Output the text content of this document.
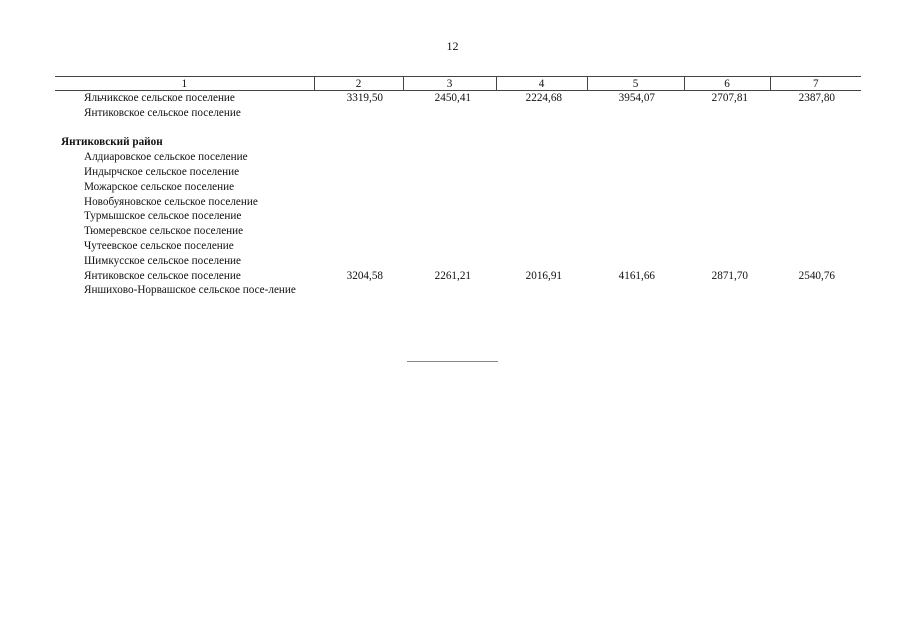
12
1	2	3	4	5	6	7
Яльчикское сельское поселение	3319,50	2450,41	2224,68	3954,07	2707,81	2387,80
Янтиковское сельское поселение						

Янтиковский район						
Алдиаровское сельское поселение						
Индырчское сельское поселение						
Можарское сельское поселение						
Новобуяновское сельское поселение						
Турмышское сельское поселение						
Тюмеревское сельское поселение						
Чутеевское сельское поселение						
Шимкусское сельское поселение						
Янтиковское сельское поселение	3204,58	2261,21	2016,91	4161,66	2871,70	2540,76
Яншихово-Норвашское сельское посе-ление						
